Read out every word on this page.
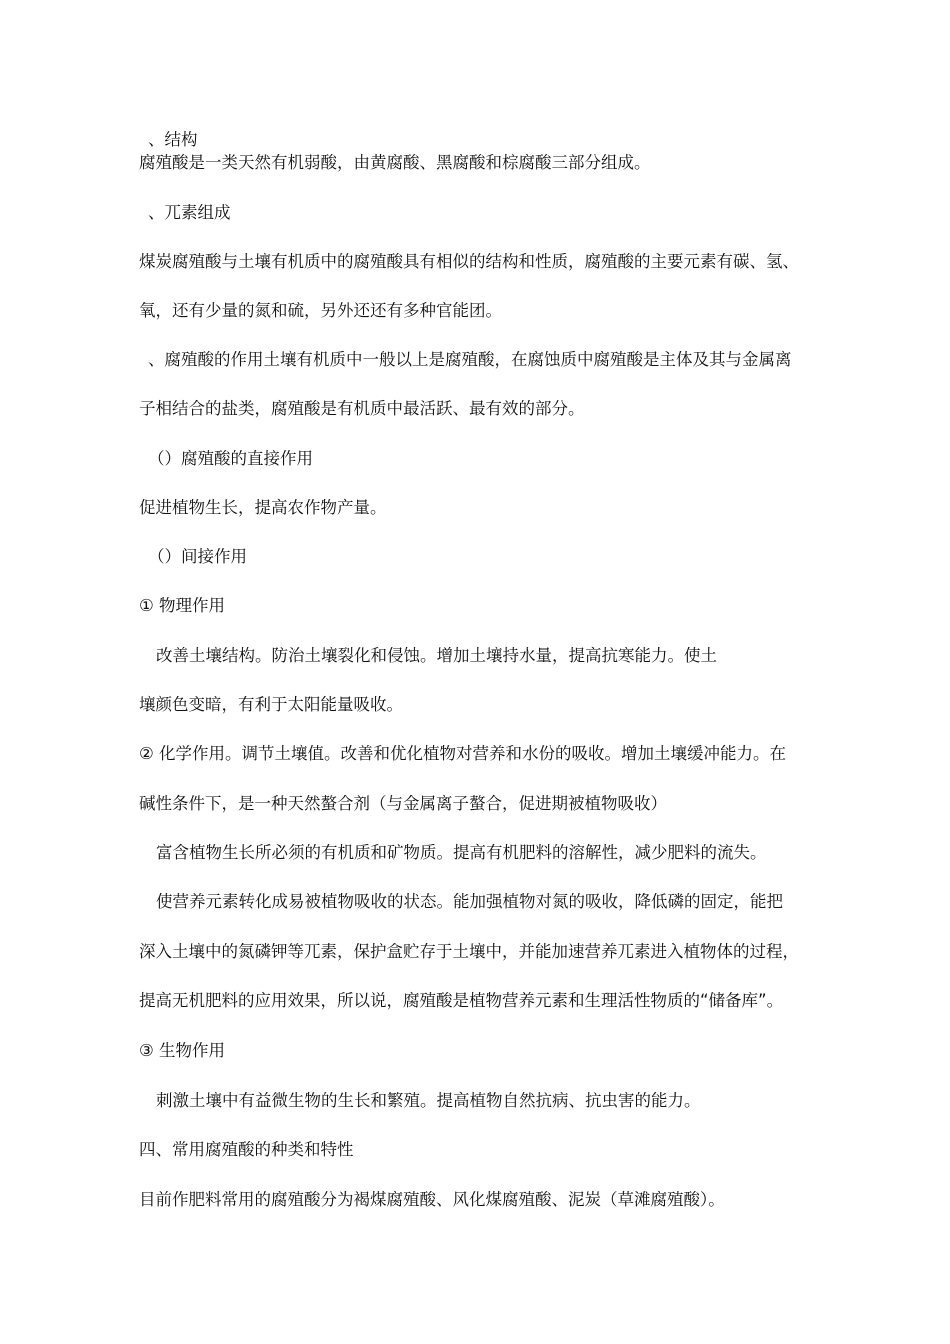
、结构
腐殖酸是一类天然有机弱酸，由黄腐酸、黑腐酸和棕腐酸三部分组成。
、兀素组成
煤炭腐殖酸与土壤有机质中的腐殖酸具有相似的结构和性质，腐殖酸的主要元素有碳、氢、
氧，还有少量的氮和硫，另外还还有多种官能团。
、腐殖酸的作用土壤有机质中一般以上是腐殖酸，在腐蚀质中腐殖酸是主体及其与金属离
子相结合的盐类，腐殖酸是有机质中最活跃、最有效的部分。
（）腐殖酸的直接作用
促进植物生长，提高农作物产量。
（）间接作用
① 物理作用
改善土壤结构。防治土壤裂化和侵蚀。增加土壤持水量，提高抗寒能力。使土
壤颜色变暗，有利于太阳能量吸收。
② 化学作用。调节土壤值。改善和优化植物对营养和水份的吸收。增加土壤缓冲能力。在
碱性条件下，是一种天然螯合剂（与金属离子螯合，促进期被植物吸收）
富含植物生长所必须的有机质和矿物质。提高有机肥料的溶解性，减少肥料的流失。
使营养元素转化成易被植物吸收的状态。能加强植物对氮的吸收，降低磷的固定，能把
深入土壤中的氮磷钾等兀素，保护盒贮存于土壤中，并能加速营养兀素进入植物体的过程，
提高无机肥料的应用效果，所以说，腐殖酸是植物营养元素和生理活性物质的“储备库”。
③ 生物作用
刺激土壤中有益微生物的生长和繁殖。提高植物自然抗病、抗虫害的能力。
四、常用腐殖酸的种类和特性
目前作肥料常用的腐殖酸分为褐煤腐殖酸、风化煤腐殖酸、泥炭（草滩腐殖酸）。
